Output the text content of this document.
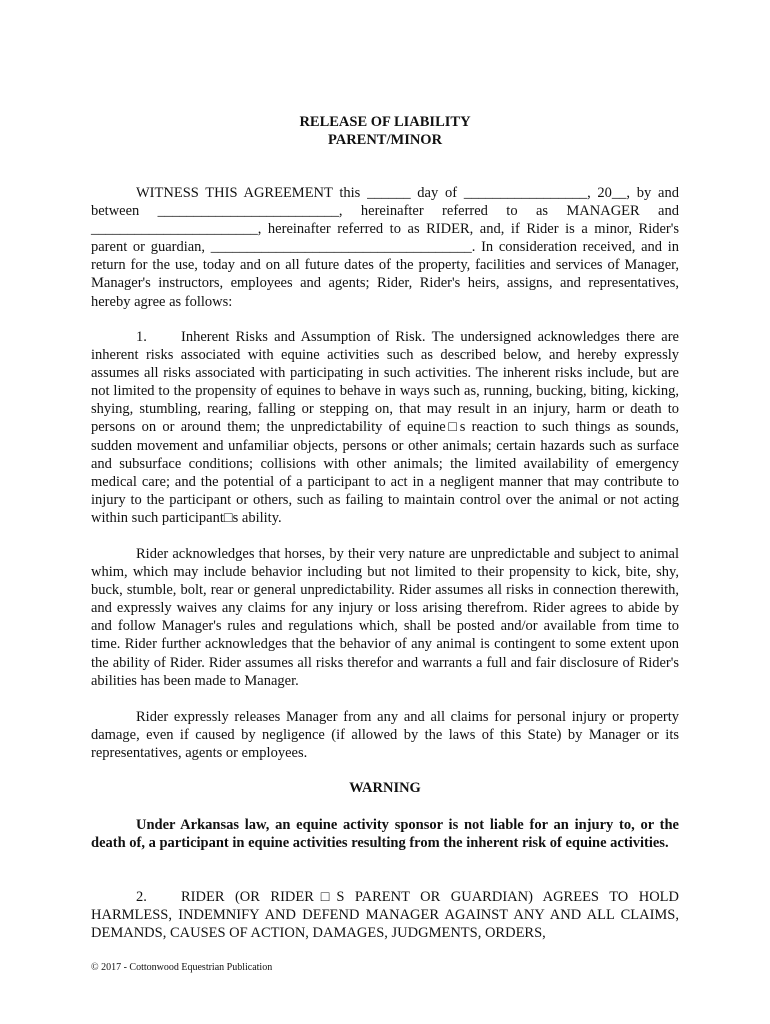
RELEASE OF LIABILITY
PARENT/MINOR

WITNESS THIS AGREEMENT this ______ day of _________________, 20__, by and between _________________________, hereinafter referred to as MANAGER and _______________________, hereinafter referred to as RIDER, and, if Rider is a minor, Rider's parent or guardian, ____________________________________. In consideration received, and in return for the use, today and on all future dates of the property, facilities and services of Manager, Manager's instructors, employees and agents; Rider, Rider's heirs, assigns, and representatives, hereby agree as follows:

1. Inherent Risks and Assumption of Risk. The undersigned acknowledges there are inherent risks associated with equine activities such as described below, and hereby expressly assumes all risks associated with participating in such activities. The inherent risks include, but are not limited to the propensity of equines to behave in ways such as, running, bucking, biting, kicking, shying, stumbling, rearing, falling or stepping on, that may result in an injury, harm or death to persons on or around them; the unpredictability of equine□s reaction to such things as sounds, sudden movement and unfamiliar objects, persons or other animals; certain hazards such as surface and subsurface conditions; collisions with other animals; the limited availability of emergency medical care; and the potential of a participant to act in a negligent manner that may contribute to injury to the participant or others, such as failing to maintain control over the animal or not acting within such participant□s ability.

Rider acknowledges that horses, by their very nature are unpredictable and subject to animal whim, which may include behavior including but not limited to their propensity to kick, bite, shy, buck, stumble, bolt, rear or general unpredictability. Rider assumes all risks in connection therewith, and expressly waives any claims for any injury or loss arising therefrom. Rider agrees to abide by and follow Manager's rules and regulations which, shall be posted and/or available from time to time. Rider further acknowledges that the behavior of any animal is contingent to some extent upon the ability of Rider. Rider assumes all risks therefor and warrants a full and fair disclosure of Rider's abilities has been made to Manager.

Rider expressly releases Manager from any and all claims for personal injury or property damage, even if caused by negligence (if allowed by the laws of this State) by Manager or its representatives, agents or employees.

WARNING

Under Arkansas law, an equine activity sponsor is not liable for an injury to, or the death of, a participant in equine activities resulting from the inherent risk of equine activities.

2. RIDER (OR RIDER□S PARENT OR GUARDIAN) AGREES TO HOLD HARMLESS, INDEMNIFY AND DEFEND MANAGER AGAINST ANY AND ALL CLAIMS, DEMANDS, CAUSES OF ACTION, DAMAGES, JUDGMENTS, ORDERS,

© 2017 - Cottonwood Equestrian Publication
